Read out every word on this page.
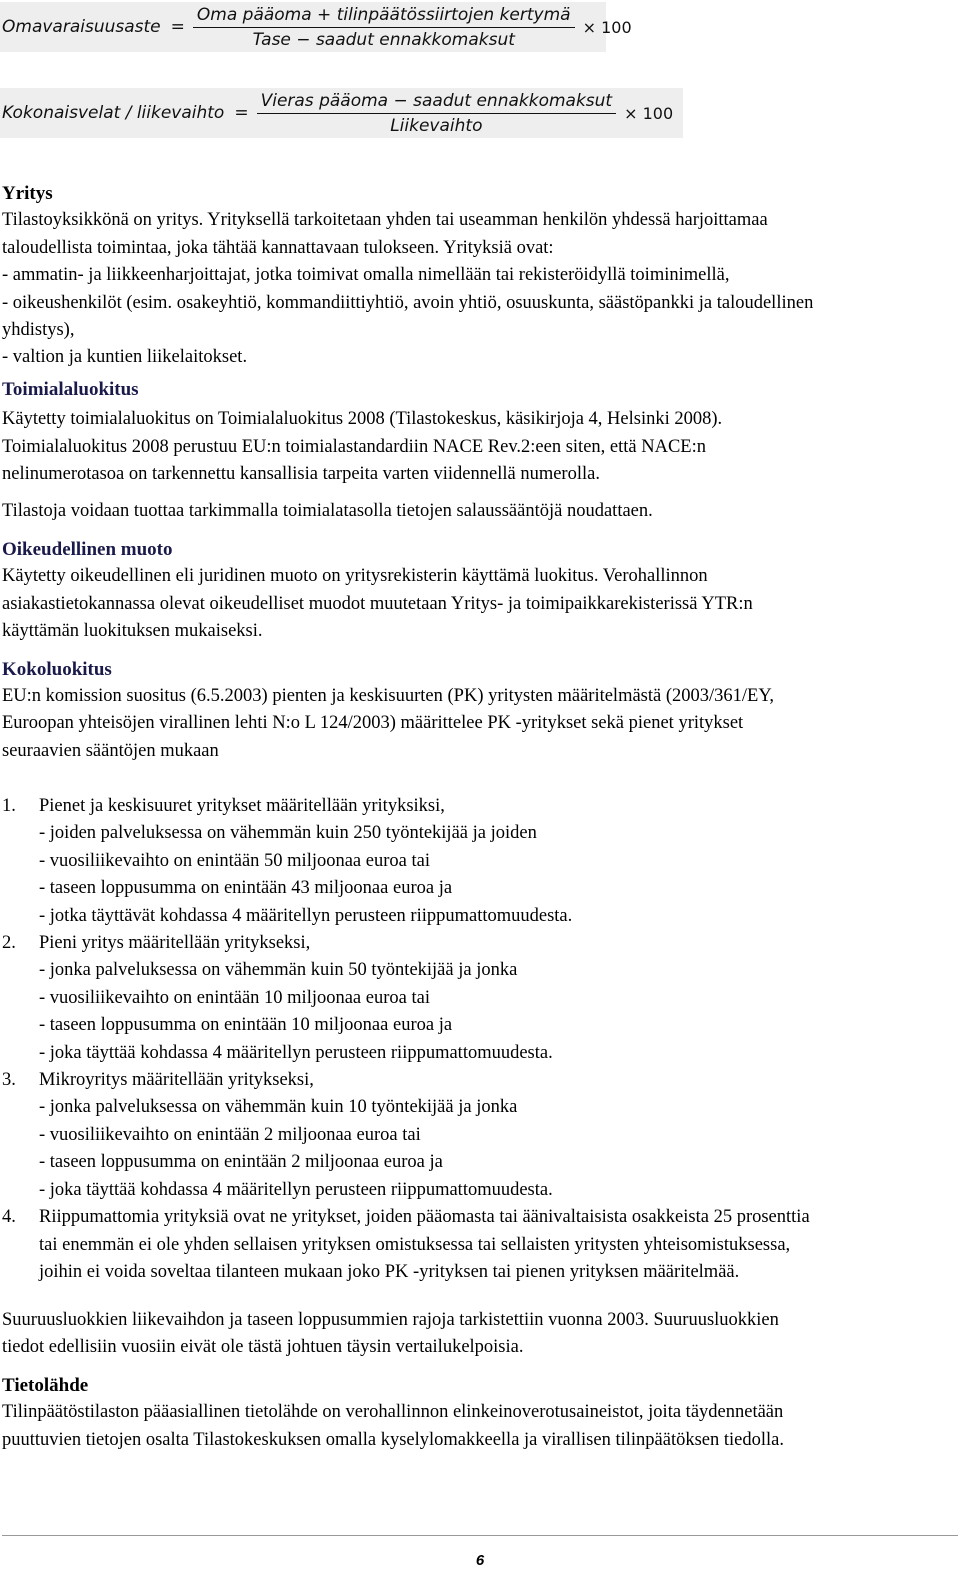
Omavaraisuusaste = $\frac{\text{Oma pääoma + tilinpäätössiirtojen kertymä}}{\text{Tase − saadut ennakkomaksut}} \times 100$
Kokonaisvelat / liikevaihto = $\frac{\text{Vieras pääoma − saadut ennakkomaksut}}{\text{Liikevaihto}} \times 100$

Yritys

Tilastoyksikkönä on yritys. Yrityksellä tarkoitetaan yhden tai useamman henkilön yhdessä harjoittamaa

taloudellista toimintaa, joka tähtää kannattavaan tulokseen. Yrityksiä ovat:

- ammatin- ja liikkeenharjoittajat, jotka toimivat omalla nimellään tai rekisteröidyllä toiminimellä,

- oikeushenkilöt (esim. osakeyhtiö, kommandiittiyhtiö, avoin yhtiö, osuuskunta, säästöpankki ja taloudellinen

yhdistys),

- valtion ja kuntien liikelaitokset.

Toimialaluokitus

Käytetty toimialaluokitus on Toimialaluokitus 2008 (Tilastokeskus, käsikirjoja 4, Helsinki 2008).

Toimialaluokitus 2008 perustuu EU:n toimialastandardiin NACE Rev.2:een siten, että NACE:n

nelinumerotasoa on tarkennettu kansallisia tarpeita varten viidennellä numerolla.

Tilastoja voidaan tuottaa tarkimmalla toimialatasolla tietojen salaussääntöjä noudattaen.

Oikeudellinen muoto

Käytetty oikeudellinen eli juridinen muoto on yritysrekisterin käyttämä luokitus. Verohallinnon

asiakastietokannassa olevat oikeudelliset muodot muutetaan Yritys- ja toimipaikkarekisterissä YTR:n

käyttämän luokituksen mukaiseksi.

Kokoluokitus

EU:n komission suositus (6.5.2003) pienten ja keskisuurten (PK) yritysten määritelmästä (2003/361/EY,

Euroopan yhteisöjen virallinen lehti N:o L 124/2003) määrittelee PK -yritykset sekä pienet yritykset

seuraavien sääntöjen mukaan

1.	Pienet ja keskisuuret yritykset määritellään yrityksiksi,

- joiden palveluksessa on vähemmän kuin 250 työntekijää ja joiden

- vuosiliikevaihto on enintään 50 miljoonaa euroa tai

- taseen loppusumma on enintään 43 miljoonaa euroa ja

- jotka täyttävät kohdassa 4 määritellyn perusteen riippumattomuudesta.

2.	Pieni yritys määritellään yritykseksi,

- jonka palveluksessa on vähemmän kuin 50 työntekijää ja jonka

- vuosiliikevaihto on enintään 10 miljoonaa euroa tai

- taseen loppusumma on enintään 10 miljoonaa euroa ja

- joka täyttää kohdassa 4 määritellyn perusteen riippumattomuudesta.

3.	Mikroyritys määritellään yritykseksi,

- jonka palveluksessa on vähemmän kuin 10 työntekijää ja jonka

- vuosiliikevaihto on enintään 2 miljoonaa euroa tai

- taseen loppusumma on enintään 2 miljoonaa euroa ja

- joka täyttää kohdassa 4 määritellyn perusteen riippumattomuudesta.

4.	Riippumattomia yrityksiä ovat ne yritykset, joiden pääomasta tai äänivaltaisista osakkeista 25 prosenttia

tai enemmän ei ole yhden sellaisen yrityksen omistuksessa tai sellaisten yritysten yhteisomistuksessa,

joihin ei voida soveltaa tilanteen mukaan joko PK -yrityksen tai pienen yrityksen määritelmää.

Suuruusluokkien liikevaihdon ja taseen loppusummien rajoja tarkistettiin vuonna 2003. Suuruusluokkien

tiedot edellisiin vuosiin eivät ole tästä johtuen täysin vertailukelpoisia.

Tietolähde

Tilinpäätöstilaston pääasiallinen tietolähde on verohallinnon elinkeinoverotusaineistot, joita täydennetään

puuttuvien tietojen osalta Tilastokeskuksen omalla kyselylomakkeella ja virallisen tilinpäätöksen tiedolla.

6
